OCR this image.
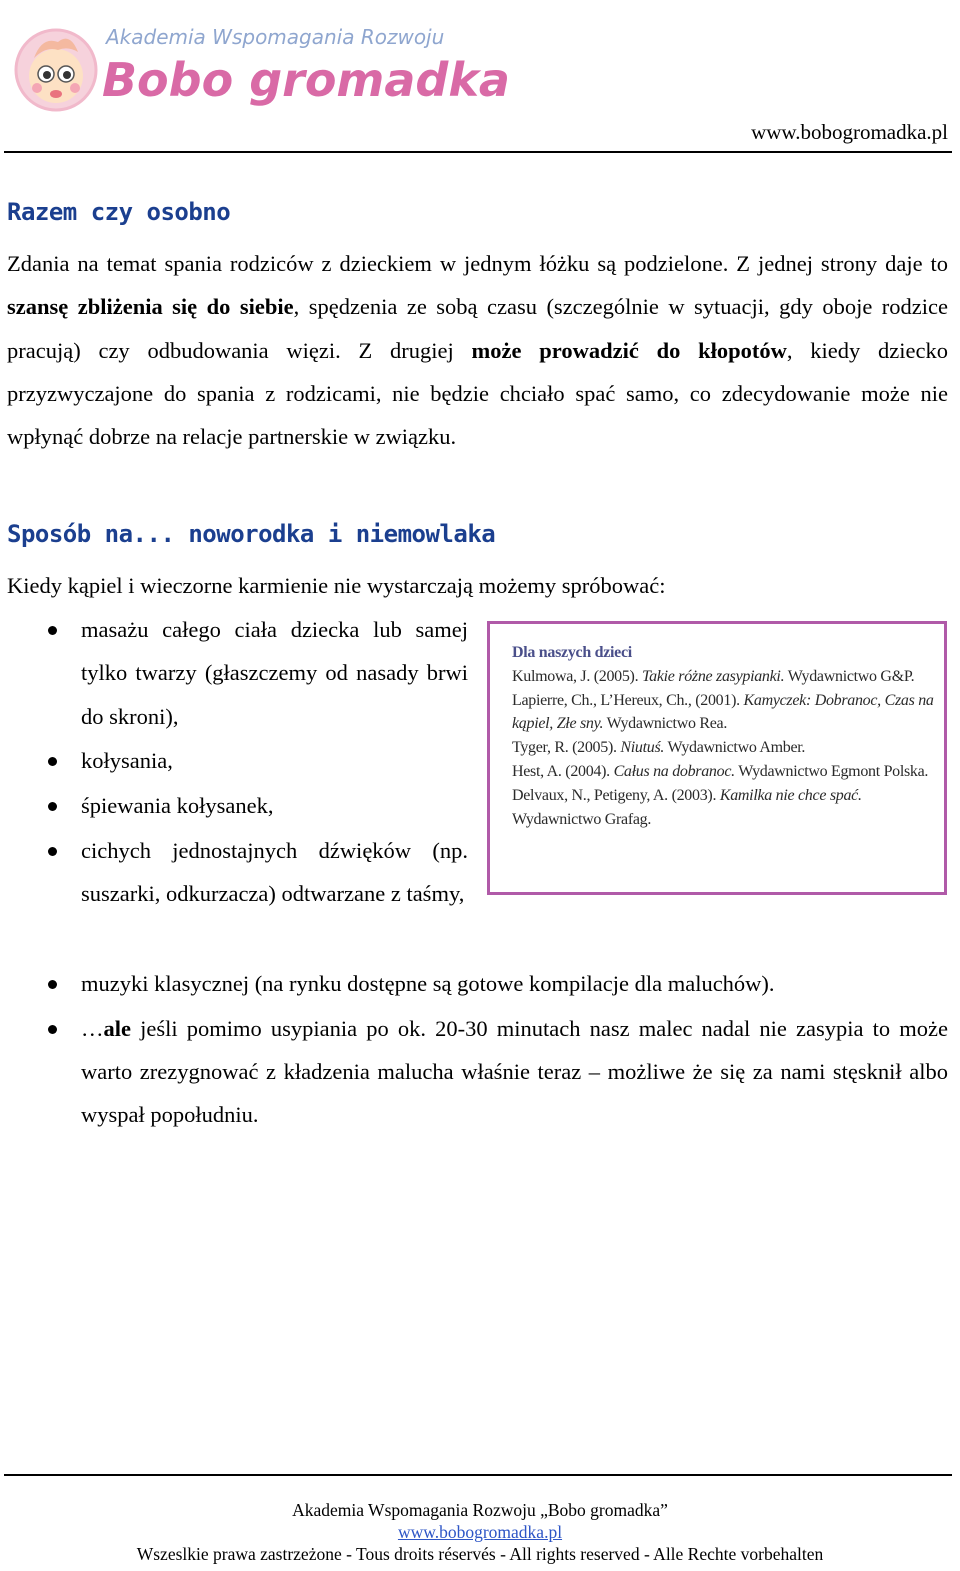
Akademia Wspomagania Rozwoju
Bobo gromadka
www.bobogromadka.pl
Razem czy osobno
Zdania na temat spania rodziców z dzieckiem w jednym łóżku są podzielone. Z jednej strony daje to szansę zbliżenia się do siebie, spędzenia ze sobą czasu (szczególnie w sytuacji, gdy oboje rodzice pracują) czy odbudowania więzi. Z drugiej może prowadzić do kłopotów, kiedy dziecko przyzwyczajone do spania z rodzicami, nie będzie chciało spać samo, co zdecydowanie może nie wpłynąć dobrze na relacje partnerskie w związku.
Sposób na... noworodka i niemowlaka
Kiedy kąpiel i wieczorne karmienie nie wystarczają możemy spróbować:
masażu całego ciała dziecka lub samej tylko twarzy (głaszczemy od nasady brwi do skroni),
kołysania,
śpiewania kołysanek,
cichych jednostajnych dźwięków (np. suszarki, odkurzacza) odtwarzane z taśmy,
muzyki klasycznej (na rynku dostępne są gotowe kompilacje dla maluchów).
…ale jeśli pomimo usypiania po ok. 20-30 minutach nasz malec nadal nie zasypia to może warto zrezygnować z kładzenia malucha właśnie teraz – możliwe że się za nami stęsknił albo wyspał popołudniu.
Dla naszych dzieci

Kulmowa, J. (2005). Takie różne zasypianki. Wydawnictwo G&P.

Lapierre, Ch., L’Hereux, Ch., (2001). Kamyczek: Dobranoc, Czas na kąpiel, Złe sny. Wydawnictwo Rea.

Tyger, R. (2005). Niutuś. Wydawnictwo Amber.

Hest, A. (2004). Całus na dobranoc. Wydawnictwo Egmont Polska.

Delvaux, N., Petigeny, A. (2003). Kamilka nie chce spać. Wydawnictwo Grafag.

Akademia Wspomagania Rozwoju „Bobo gromadka”
www.bobogromadka.pl
Wszeslkie prawa zastrzeżone - Tous droits réservés - All rights reserved - Alle Rechte vorbehalten
